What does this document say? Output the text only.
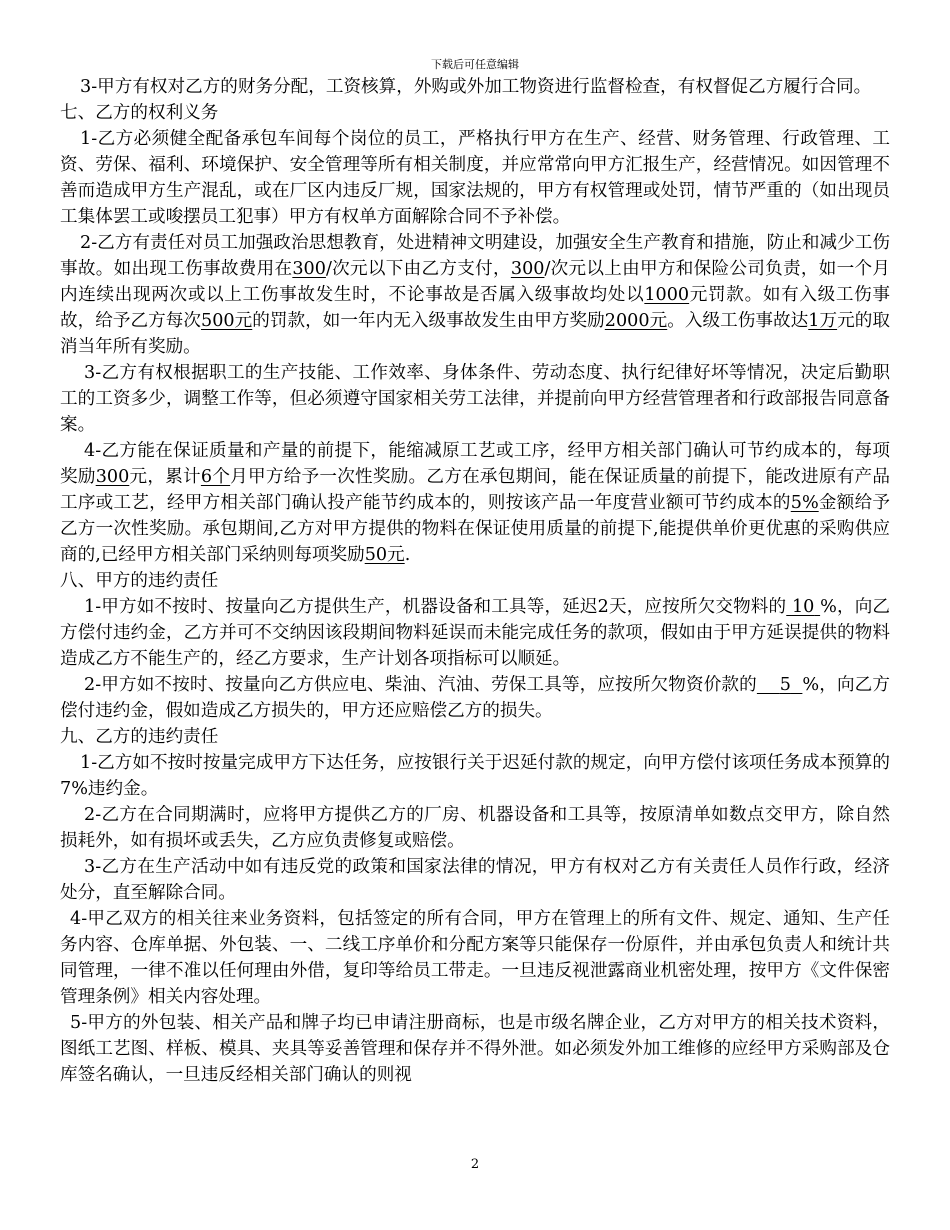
下载后可任意编辑

3-甲方有权对乙方的财务分配，工资核算，外购或外加工物资进行监督检查，有权督促乙方履行合同。

七、乙方的权利义务

1-乙方必须健全配备承包车间每个岗位的员工，严格执行甲方在生产、经营、财务管理、行政管理、工资、劳保、福利、环境保护、安全管理等所有相关制度，并应常常向甲方汇报生产，经营情况。如因管理不善而造成甲方生产混乱，或在厂区内违反厂规，国家法规的，甲方有权管理或处罚，情节严重的（如出现员工集体罢工或唆摆员工犯事）甲方有权单方面解除合同不予补偿。

2-乙方有责任对员工加强政治思想教育，处进精神文明建设，加强安全生产教育和措施，防止和减少工伤事故。如出现工伤事故费用在300/次元以下由乙方支付，300/次元以上由甲方和保险公司负责，如一个月内连续出现两次或以上工伤事故发生时，不论事故是否属入级事故均处以1000元罚款。如有入级工伤事故，给予乙方每次500元的罚款，如一年内无入级事故发生由甲方奖励2000元。入级工伤事故达1万元的取消当年所有奖励。

3-乙方有权根据职工的生产技能、工作效率、身体条件、劳动态度、执行纪律好坏等情况，决定后勤职工的工资多少，调整工作等，但必须遵守国家相关劳工法律，并提前向甲方经营管理者和行政部报告同意备案。

4-乙方能在保证质量和产量的前提下，能缩减原工艺或工序，经甲方相关部门确认可节约成本的，每项奖励300元，累计6个月甲方给予一次性奖励。乙方在承包期间，能在保证质量的前提下，能改进原有产品工序或工艺，经甲方相关部门确认投产能节约成本的，则按该产品一年度营业额可节约成本的5%金额给予乙方一次性奖励。承包期间,乙方对甲方提供的物料在保证使用质量的前提下,能提供单价更优惠的采购供应商的,已经甲方相关部门采纳则每项奖励50元.

八、甲方的违约责任

1-甲方如不按时、按量向乙方提供生产，机器设备和工具等，延迟2天，应按所欠交物料的 10 %，向乙方偿付违约金，乙方并可不交纳因该段期间物料延误而未能完成任务的款项，假如由于甲方延误提供的物料造成乙方不能生产的，经乙方要求，生产计划各项指标可以顺延。

2-甲方如不按时、按量向乙方供应电、柴油、汽油、劳保工具等，应按所欠物资价款的 5 %，向乙方偿付违约金，假如造成乙方损失的，甲方还应赔偿乙方的损失。

九、乙方的违约责任

1-乙方如不按时按量完成甲方下达任务，应按银行关于迟延付款的规定，向甲方偿付该项任务成本预算的7%违约金。

2-乙方在合同期满时，应将甲方提供乙方的厂房、机器设备和工具等，按原清单如数点交甲方，除自然损耗外，如有损坏或丢失，乙方应负责修复或赔偿。

3-乙方在生产活动中如有违反党的政策和国家法律的情况，甲方有权对乙方有关责任人员作行政，经济处分，直至解除合同。

4-甲乙双方的相关往来业务资料，包括签定的所有合同，甲方在管理上的所有文件、规定、通知、生产任务内容、仓库单据、外包装、一、二线工序单价和分配方案等只能保存一份原件，并由承包负责人和统计共同管理，一律不准以任何理由外借，复印等给员工带走。一旦违反视泄露商业机密处理，按甲方《文件保密管理条例》相关内容处理。

5-甲方的外包装、相关产品和牌子均已申请注册商标，也是市级名牌企业，乙方对甲方的相关技术资料，图纸工艺图、样板、模具、夹具等妥善管理和保存并不得外泄。如必须发外加工维修的应经甲方采购部及仓库签名确认，一旦违反经相关部门确认的则视

2
